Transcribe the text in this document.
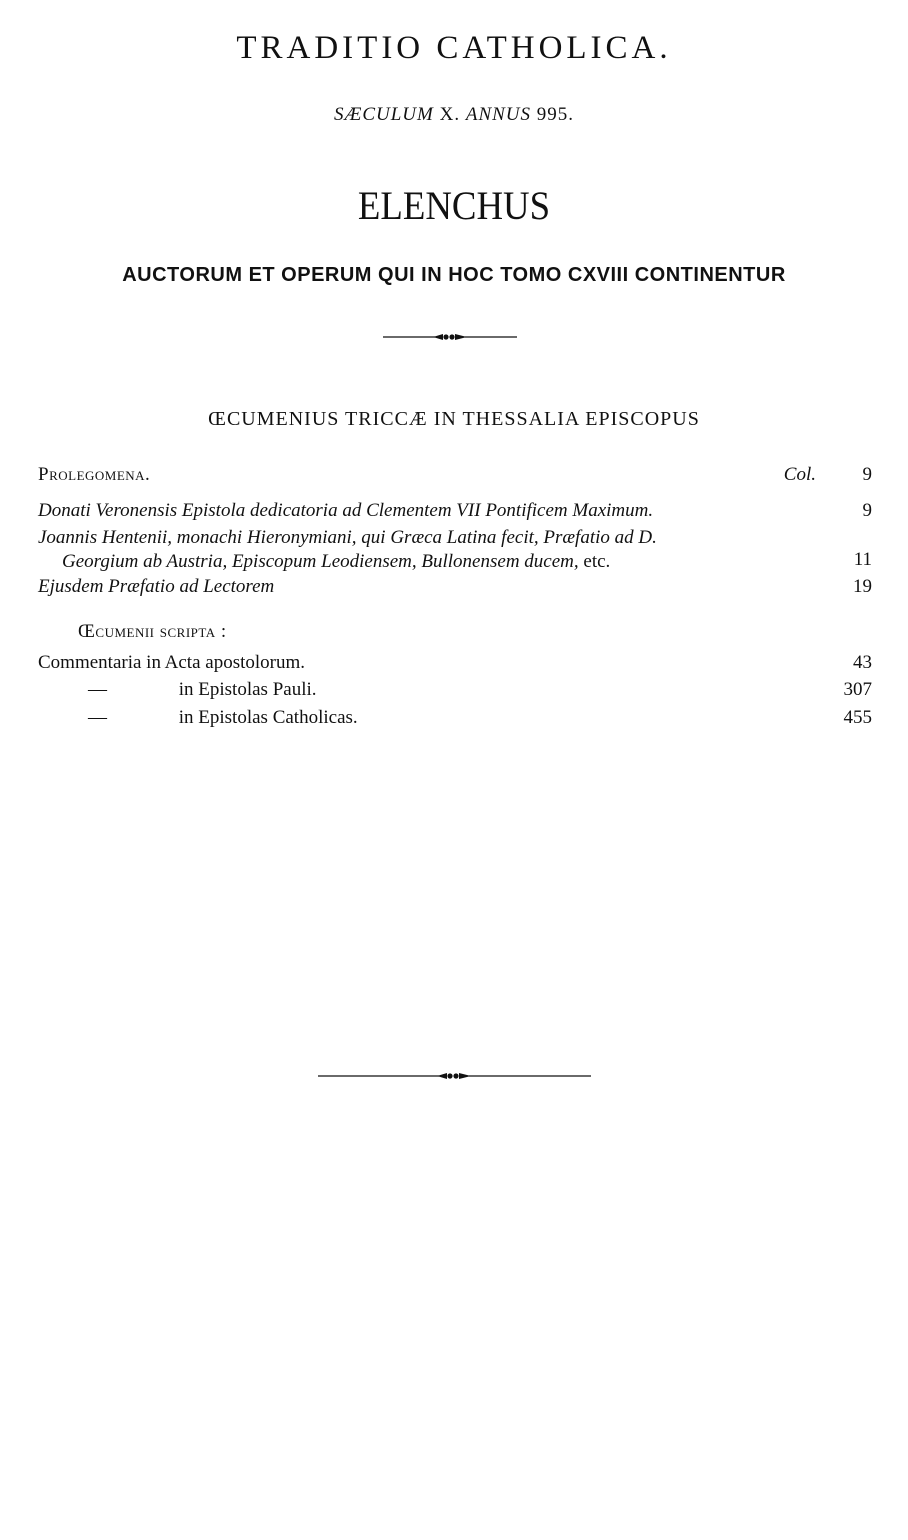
TRADITIO CATHOLICA.
SÆCULUM X. ANNUS 995.
ELENCHUS
AUCTORUM ET OPERUM QUI IN HOC TOMO CXVIII CONTINENTUR
ŒCUMENIUS TRICCÆ IN THESSALIA EPISCOPUS
Prolegomena.	Col. 9
Donati Veronensis Epistola dedicatoria ad Clementem VII Pontificem Maximum.	9
Joannis Hentenii, monachi Hieronymiani, qui Græca Latina fecit, Præfatio ad D.
Georgium ab Austria, Episcopum Leodiensem, Bullonensem ducem, etc.	11
Ejusdem Præfatio ad Lectorem	19
Œcumenii scripta :
Commentaria in Acta apostolorum.	43
—	in Epistolas Pauli.	307
—	in Epistolas Catholicas.	455
